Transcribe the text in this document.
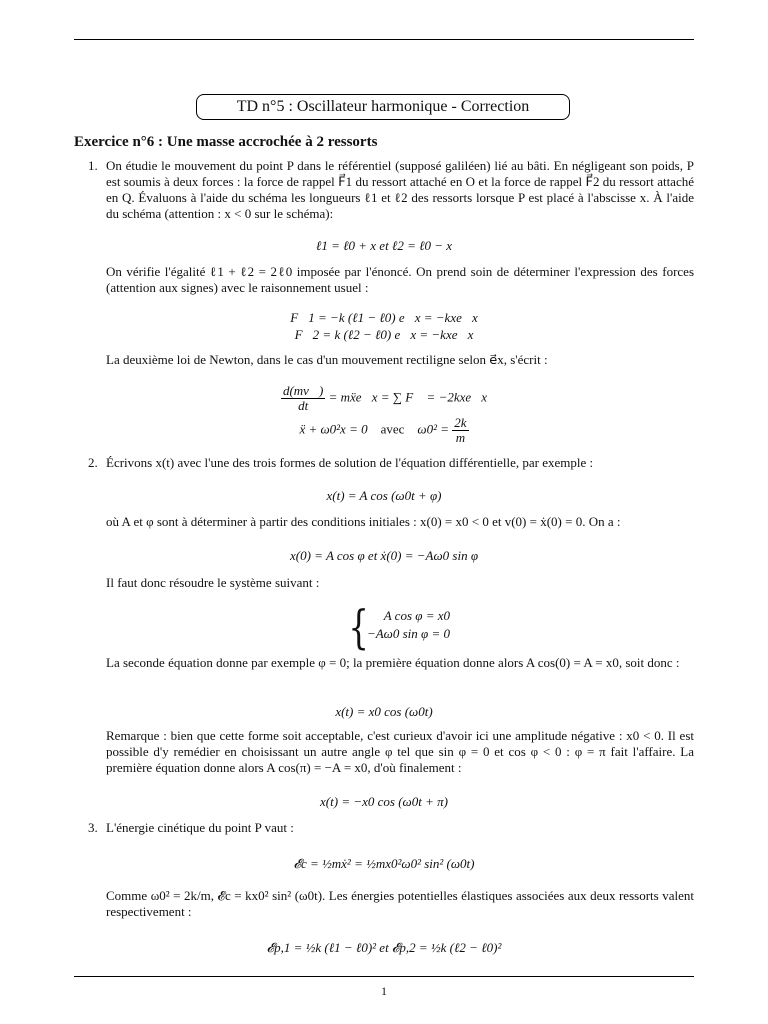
TD n°5 : Oscillateur harmonique - Correction
Exercice n°6 : Une masse accrochée à 2 ressorts
1. On étudie le mouvement du point P dans le référentiel (supposé galiléen) lié au bâti. En négligeant son poids, P est soumis à deux forces : la force de rappel F⃗1 du ressort attaché en O et la force de rappel F⃗2 du ressort attaché en Q. Évaluons à l'aide du schéma les longueurs ℓ1 et ℓ2 des ressorts lorsque P est placé à l'abscisse x. À l'aide du schéma (attention : x < 0 sur le schéma):
ℓ1 = ℓ0 + x et ℓ2 = ℓ0 − x
On vérifie l'égalité ℓ1 + ℓ2 = 2ℓ0 imposée par l'énoncé. On prend soin de déterminer l'expression des forces (attention aux signes) avec le raisonnement usuel :
F⃗1 = −k (ℓ1 − ℓ0) e⃗x = −kxe⃗x
F⃗2 = k (ℓ2 − ℓ0) e⃗x = −kxe⃗x
La deuxième loi de Newton, dans le cas d'un mouvement rectiligne selon e⃗x, s'écrit :
$\frac{d(mv⃗)}{dt}$ = mẍe⃗x = ∑ F⃗ = −2kxe⃗x
ẍ + ω0²x = 0 avec $\omega 0^2 = \frac{2k}{m}$
2. Écrivons x(t) avec l'une des trois formes de solution de l'équation différentielle, par exemple :
x(t) = A cos (ω0t + φ)
où A et φ sont à déterminer à partir des conditions initiales : x(0) = x0 < 0 et v(0) = ẋ(0) = 0. On a :
x(0) = A cos φ et ẋ(0) = −Aω0 sin φ
Il faut donc résoudre le système suivant :
{	A cos φ = x0
−Aω0 sin φ = 0
La seconde équation donne par exemple φ = 0; la première équation donne alors A cos(0) = A = x0, soit donc :
x(t) = x0 cos (ω0t)
Remarque : bien que cette forme soit acceptable, c'est curieux d'avoir ici une amplitude négative : x0 < 0. Il est possible d'y remédier en choisissant un autre angle φ tel que sin φ = 0 et cos φ < 0 : φ = π fait l'affaire. La première équation donne alors A cos(π) = −A = x0, d'où finalement :
x(t) = −x0 cos (ω0t + π)
3. L'énergie cinétique du point P vaut :
𝓔c = ½mẋ² = ½mx0²ω0² sin² (ω0t)
Comme ω0² = 2k/m, 𝓔c = kx0² sin² (ω0t). Les énergies potentielles élastiques associées aux deux ressorts valent respectivement :
𝓔p,1 = ½k (ℓ1 − ℓ0)² et 𝓔p,2 = ½k (ℓ2 − ℓ0)²
1
